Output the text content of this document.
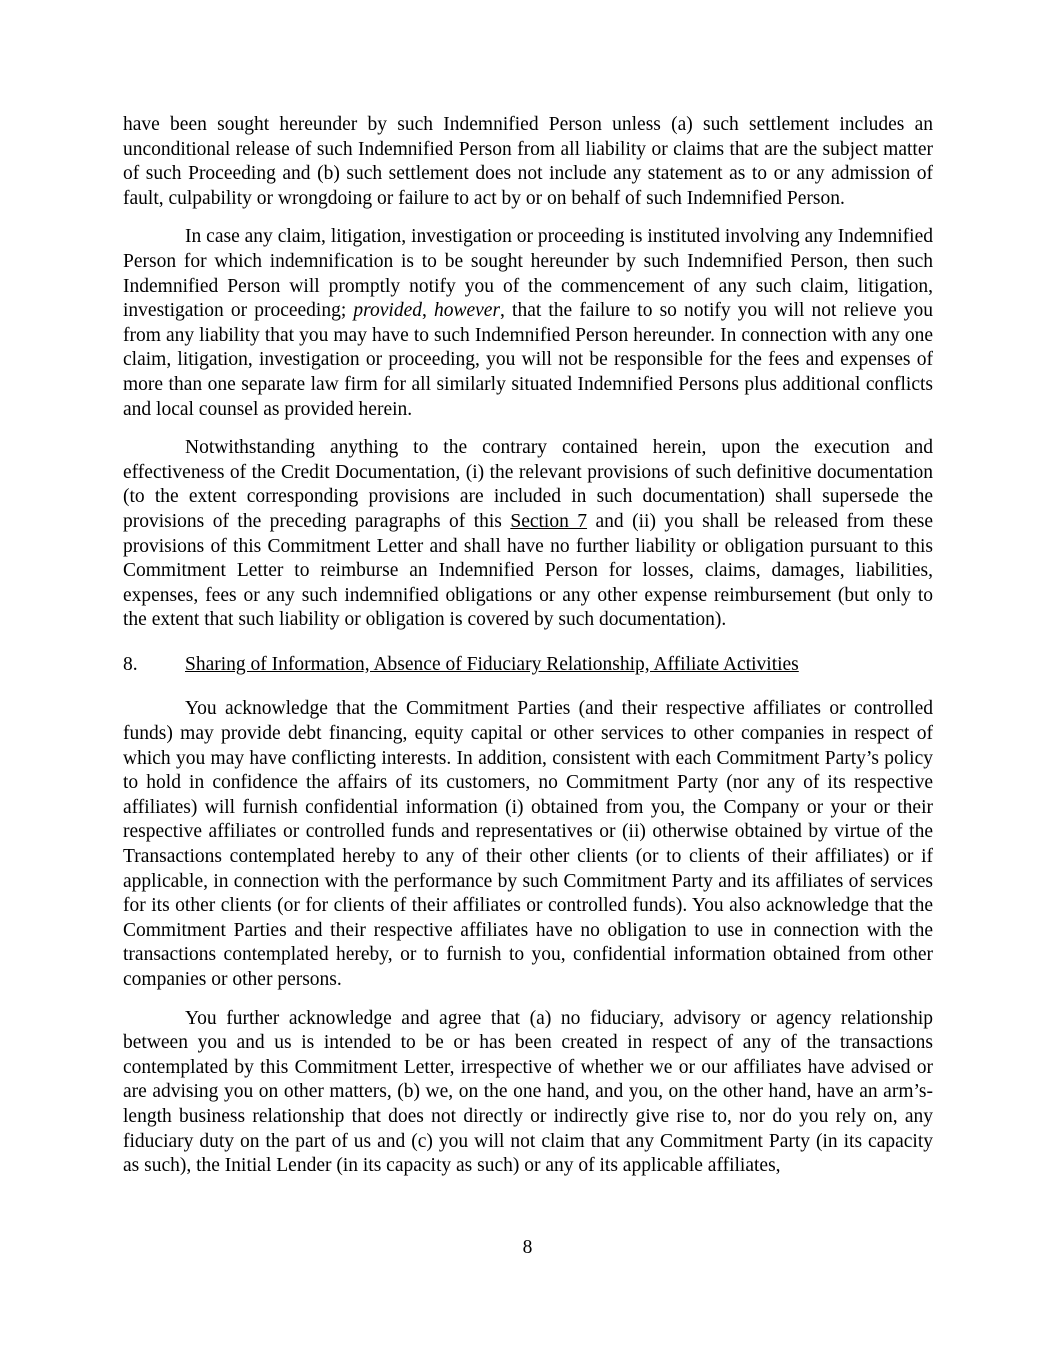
have been sought hereunder by such Indemnified Person unless (a) such settlement includes an unconditional release of such Indemnified Person from all liability or claims that are the subject matter of such Proceeding and (b) such settlement does not include any statement as to or any admission of fault, culpability or wrongdoing or failure to act by or on behalf of such Indemnified Person.

In case any claim, litigation, investigation or proceeding is instituted involving any Indemnified Person for which indemnification is to be sought hereunder by such Indemnified Person, then such Indemnified Person will promptly notify you of the commencement of any such claim, litigation, investigation or proceeding; provided, however, that the failure to so notify you will not relieve you from any liability that you may have to such Indemnified Person hereunder. In connection with any one claim, litigation, investigation or proceeding, you will not be responsible for the fees and expenses of more than one separate law firm for all similarly situated Indemnified Persons plus additional conflicts and local counsel as provided herein.

Notwithstanding anything to the contrary contained herein, upon the execution and effectiveness of the Credit Documentation, (i) the relevant provisions of such definitive documentation (to the extent corresponding provisions are included in such documentation) shall supersede the provisions of the preceding paragraphs of this Section 7 and (ii) you shall be released from these provisions of this Commitment Letter and shall have no further liability or obligation pursuant to this Commitment Letter to reimburse an Indemnified Person for losses, claims, damages, liabilities, expenses, fees or any such indemnified obligations or any other expense reimbursement (but only to the extent that such liability or obligation is covered by such documentation).

8. Sharing of Information, Absence of Fiduciary Relationship, Affiliate Activities

You acknowledge that the Commitment Parties (and their respective affiliates or controlled funds) may provide debt financing, equity capital or other services to other companies in respect of which you may have conflicting interests. In addition, consistent with each Commitment Party’s policy to hold in confidence the affairs of its customers, no Commitment Party (nor any of its respective affiliates) will furnish confidential information (i) obtained from you, the Company or your or their respective affiliates or controlled funds and representatives or (ii) otherwise obtained by virtue of the Transactions contemplated hereby to any of their other clients (or to clients of their affiliates) or if applicable, in connection with the performance by such Commitment Party and its affiliates of services for its other clients (or for clients of their affiliates or controlled funds). You also acknowledge that the Commitment Parties and their respective affiliates have no obligation to use in connection with the transactions contemplated hereby, or to furnish to you, confidential information obtained from other companies or other persons.

You further acknowledge and agree that (a) no fiduciary, advisory or agency relationship between you and us is intended to be or has been created in respect of any of the transactions contemplated by this Commitment Letter, irrespective of whether we or our affiliates have advised or are advising you on other matters, (b) we, on the one hand, and you, on the other hand, have an arm’s-length business relationship that does not directly or indirectly give rise to, nor do you rely on, any fiduciary duty on the part of us and (c) you will not claim that any Commitment Party (in its capacity as such), the Initial Lender (in its capacity as such) or any of its applicable affiliates,

8
